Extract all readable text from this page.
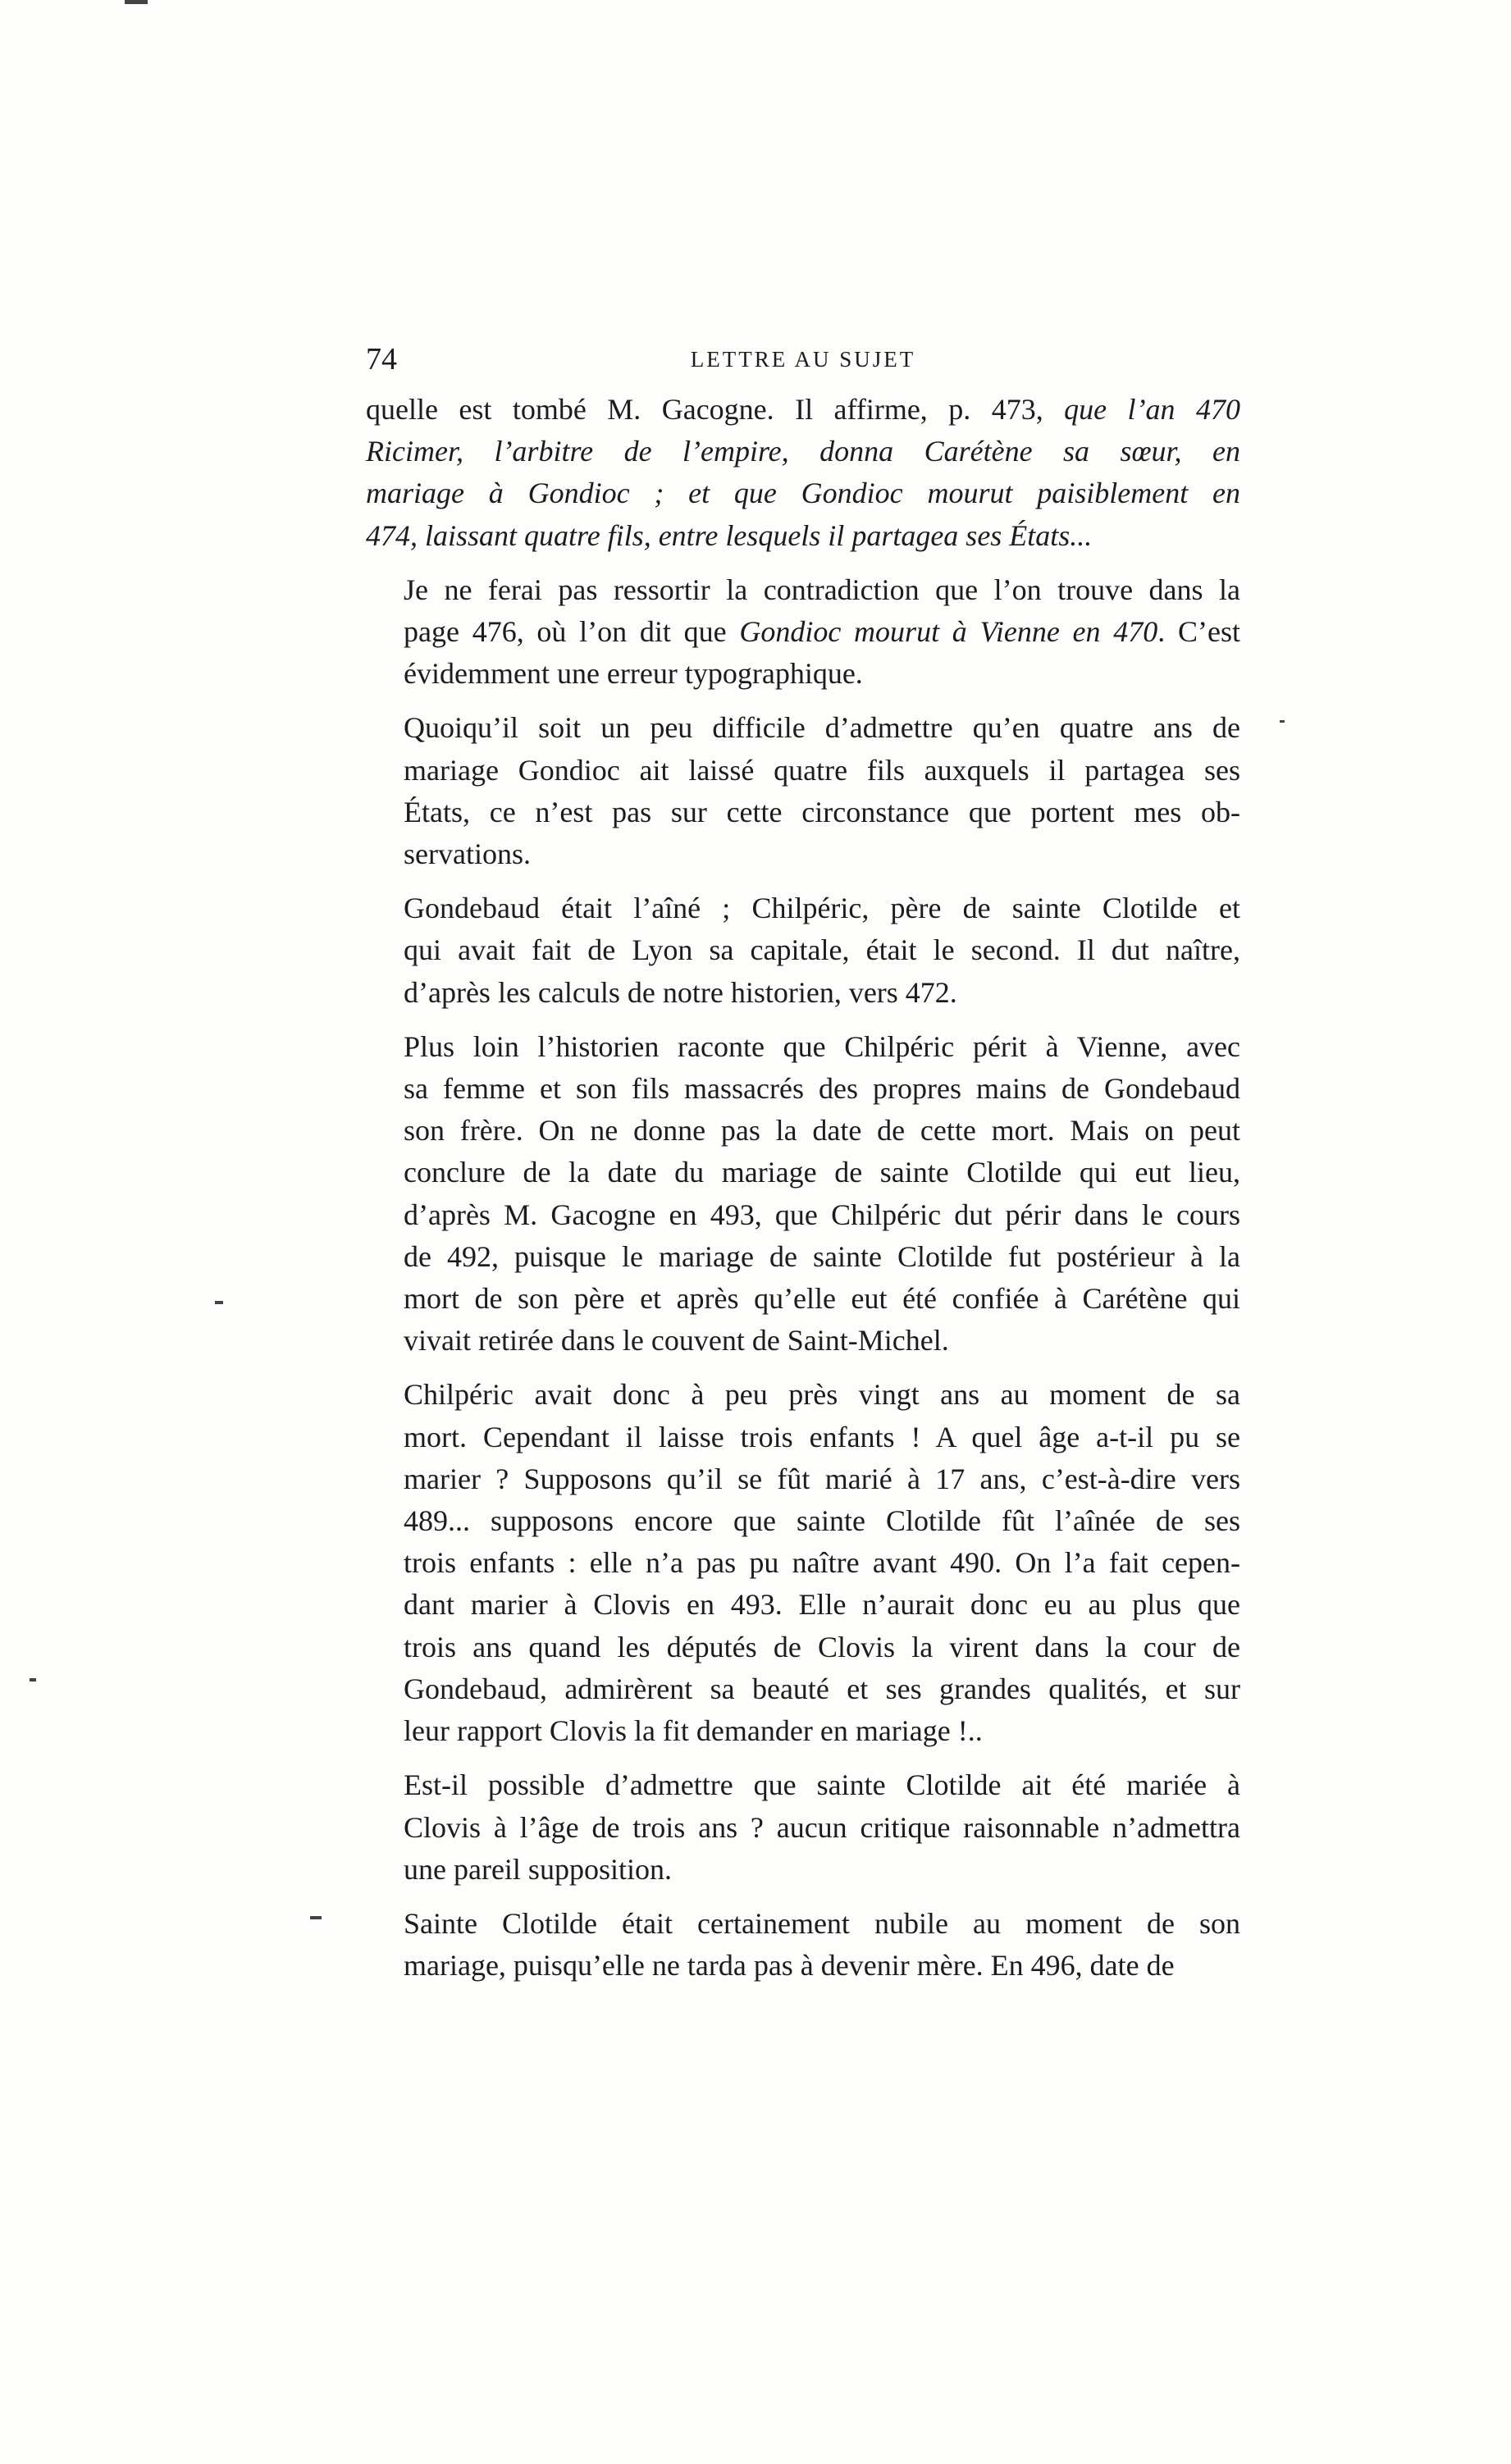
74	LETTRE AU SUJET

quelle est tombé M. Gacogne. Il affirme, p. 473, que l’an 470
Ricimer, l’arbitre de l’empire, donna Carétène sa sœur, en
mariage à Gondioc ; et que Gondioc mourut paisiblement en
474, laissant quatre fils, entre lesquels il partagea ses États...

Je ne ferai pas ressortir la contradiction que l’on trouve dans la
page 476, où l’on dit que Gondioc mourut à Vienne en 470. C’est
évidemment une erreur typographique.

Quoiqu’il soit un peu difficile d’admettre qu’en quatre ans de
mariage Gondioc ait laissé quatre fils auxquels il partagea ses
États, ce n’est pas sur cette circonstance que portent mes ob-
servations.

Gondebaud était l’aîné ; Chilpéric, père de sainte Clotilde et
qui avait fait de Lyon sa capitale, était le second. Il dut naître,
d’après les calculs de notre historien, vers 472.

Plus loin l’historien raconte que Chilpéric périt à Vienne, avec
sa femme et son fils massacrés des propres mains de Gondebaud
son frère. On ne donne pas la date de cette mort. Mais on peut
conclure de la date du mariage de sainte Clotilde qui eut lieu,
d’après M. Gacogne en 493, que Chilpéric dut périr dans le cours
de 492, puisque le mariage de sainte Clotilde fut postérieur à la
mort de son père et après qu’elle eut été confiée à Carétène qui
vivait retirée dans le couvent de Saint-Michel.

Chilpéric avait donc à peu près vingt ans au moment de sa
mort. Cependant il laisse trois enfants ! A quel âge a-t-il pu se
marier ? Supposons qu’il se fût marié à 17 ans, c’est-à-dire vers
489... supposons encore que sainte Clotilde fût l’aînée de ses
trois enfants : elle n’a pas pu naître avant 490. On l’a fait cepen-
dant marier à Clovis en 493. Elle n’aurait donc eu au plus que
trois ans quand les députés de Clovis la virent dans la cour de
Gondebaud, admirèrent sa beauté et ses grandes qualités, et sur
leur rapport Clovis la fit demander en mariage !..

Est-il possible d’admettre que sainte Clotilde ait été mariée à
Clovis à l’âge de trois ans ? aucun critique raisonnable n’admettra
une pareil supposition.

Sainte Clotilde était certainement nubile au moment de son
mariage, puisqu’elle ne tarda pas à devenir mère. En 496, date de
